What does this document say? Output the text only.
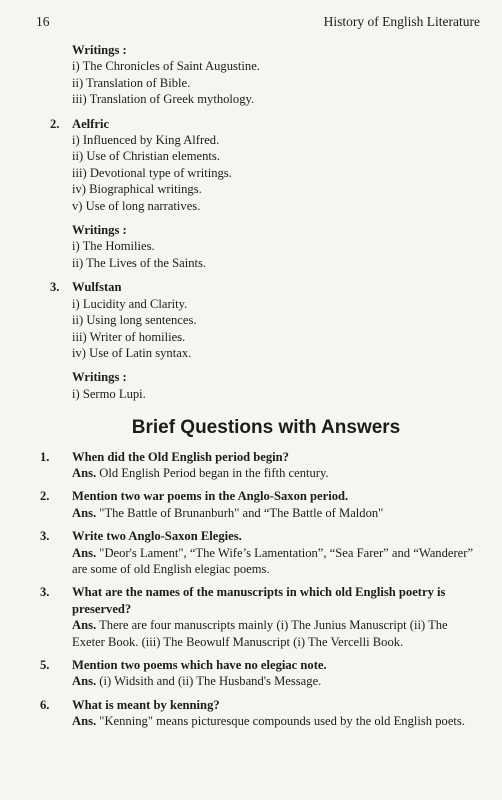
16	History of English Literature
Writings :
i) The Chronicles of Saint Augustine.
ii) Translation of Bible.
iii) Translation of Greek mythology.
2. Aelfric
i) Influenced by King Alfred.
ii) Use of Christian elements.
iii) Devotional type of writings.
iv) Biographical writings.
v) Use of long narratives.
Writings :
i) The Homilies.
ii) The Lives of the Saints.
3. Wulfstan
i) Lucidity and Clarity.
ii) Using long sentences.
iii) Writer of homilies.
iv) Use of Latin syntax.
Writings :
i) Sermo Lupi.
Brief Questions with Answers
1. When did the Old English period begin?
Ans. Old English Period began in the fifth century.
2. Mention two war poems in the Anglo-Saxon period.
Ans. "The Battle of Brunanburh" and “The Battle of Maldon"
3. Write two Anglo-Saxon Elegies.
Ans. "Deor's Lament", “The Wife’s Lamentation”, “Sea Farer” and “Wanderer” are some of old English elegiac poems.
3. What are the names of the manuscripts in which old English poetry is preserved?
Ans. There are four manuscripts mainly (i) The Junius Manuscript (ii) The Exeter Book. (iii) The Beowulf Manuscript (i) The Vercelli Book.
5. Mention two poems which have no elegiac note.
Ans. (i) Widsith and (ii) The Husband's Message.
6. What is meant by kenning?
Ans. "Kenning" means picturesque compounds used by the old English poets.
